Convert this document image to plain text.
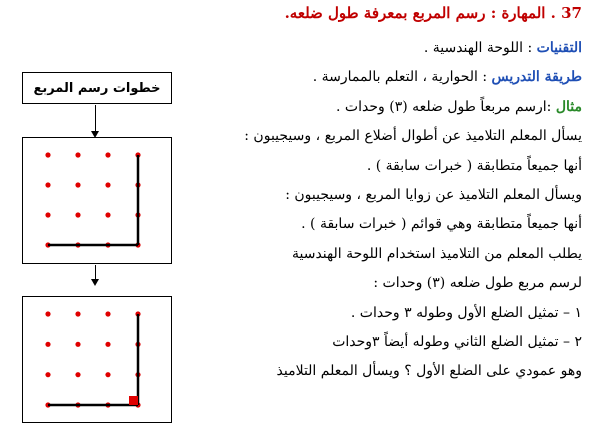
37 . المهارة : رسم المربع بمعرفة طول ضلعه.
التقنيات : اللوحة الهندسية .
طريقة التدريس : الحوارية ، التعلم بالممارسة .
مثال :ارسم مربعاً طول ضلعه (٣) وحدات .
يسأل المعلم التلاميذ عن أطوال أضلاع المربع ، وسيجيبون :
أنها جميعاً متطابقة ( خبرات سابقة ) .
ويسأل المعلم التلاميذ عن زوايا المربع ، وسيجيبون :
أنها جميعاً متطابقة وهي قوائم ( خبرات سابقة ) .
يطلب المعلم من التلاميذ استخدام اللوحة الهندسية
لرسم مربع طول ضلعه (٣) وحدات :
١ – تمثيل الضلع الأول وطوله ٣ وحدات .
٢ – تمثيل الضلع الثاني وطوله أيضاً ٣وحدات
وهو عمودي على الضلع الأول ؟ ويسأل المعلم التلاميذ
خطوات رسم المربع
